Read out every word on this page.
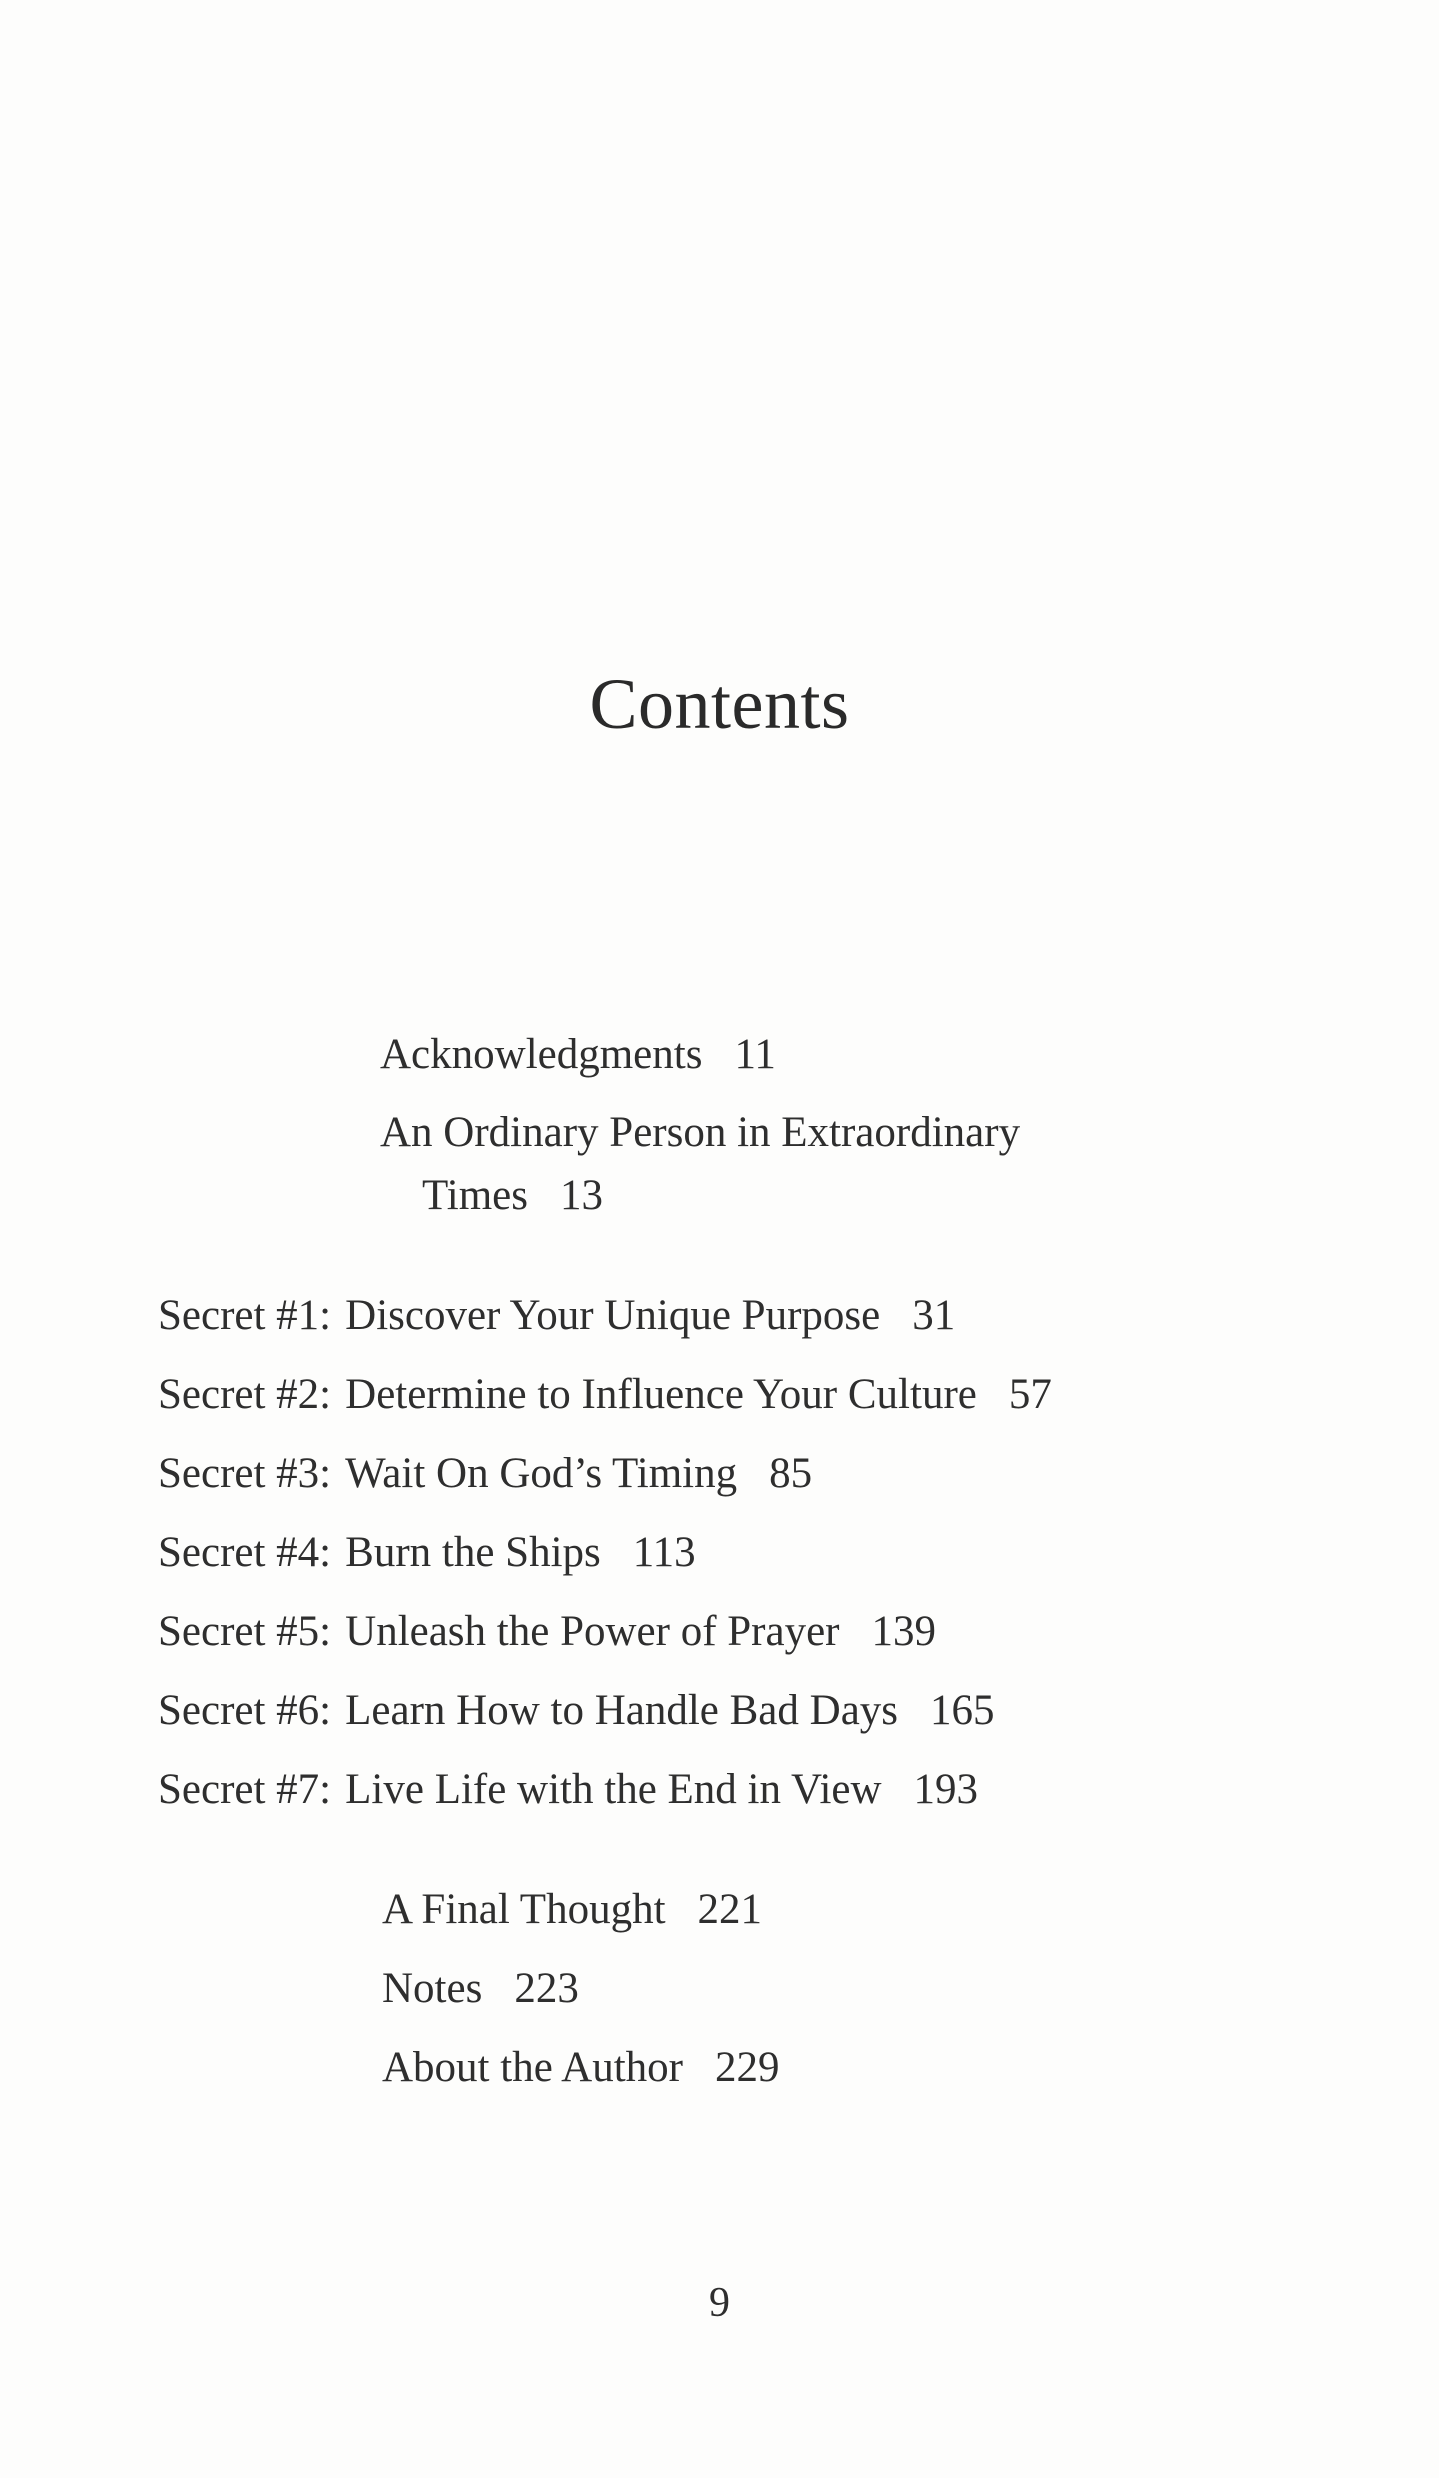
Contents
Acknowledgments 11
An Ordinary Person in Extraordinary
Times 13
Secret #1: Discover Your Unique Purpose 31
Secret #2: Determine to Influence Your Culture 57
Secret #3: Wait On God’s Timing 85
Secret #4: Burn the Ships 113
Secret #5: Unleash the Power of Prayer 139
Secret #6: Learn How to Handle Bad Days 165
Secret #7: Live Life with the End in View 193
A Final Thought 221
Notes 223
About the Author 229
9
